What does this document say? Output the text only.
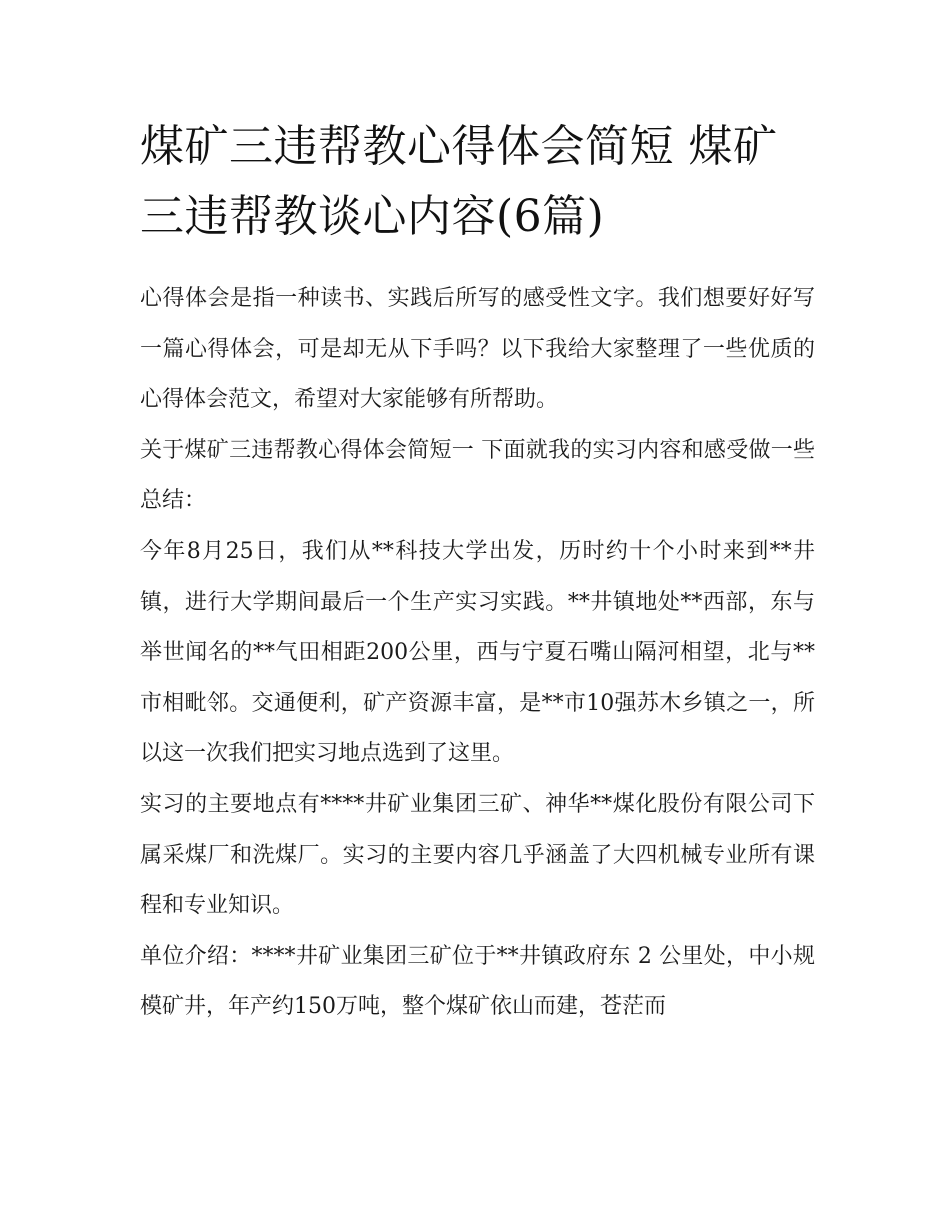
煤矿三违帮教心得体会简短 煤矿三违帮教谈心内容(6篇)

心得体会是指一种读书、实践后所写的感受性文字。我们想要好好写一篇心得体会，可是却无从下手吗？以下我给大家整理了一些优质的心得体会范文，希望对大家能够有所帮助。

关于煤矿三违帮教心得体会简短一 下面就我的实习内容和感受做一些总结：

今年8月25日，我们从**科技大学出发，历时约十个小时来到**井镇，进行大学期间最后一个生产实习实践。**井镇地处**西部，东与举世闻名的**气田相距200公里，西与宁夏石嘴山隔河相望，北与**市相毗邻。交通便利，矿产资源丰富，是**市10强苏木乡镇之一，所以这一次我们把实习地点选到了这里。

实习的主要地点有****井矿业集团三矿、神华**煤化股份有限公司下属采煤厂和洗煤厂。实习的主要内容几乎涵盖了大四机械专业所有课程和专业知识。

单位介绍：****井矿业集团三矿位于**井镇政府东 2 公里处，中小规模矿井，年产约150万吨，整个煤矿依山而建，苍茫而
